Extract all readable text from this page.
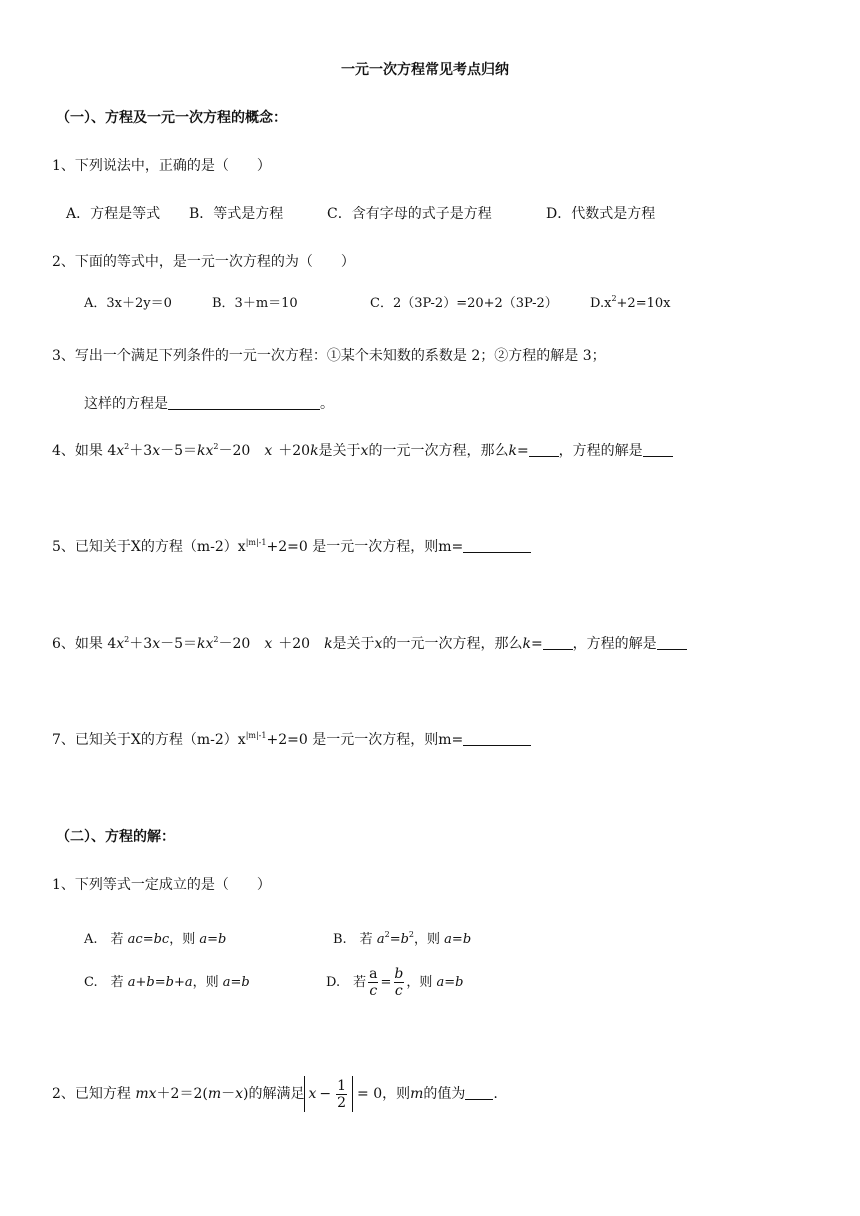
一元一次方程常见考点归纳
（一）、方程及一元一次方程的概念：
1、下列说法中，正确的是（　　）
A．方程是等式 B．等式是方程	C．含有字母的式子是方程	D．代数式是方程
2、下面的等式中，是一元一次方程的为（　　）
A．3x＋2y＝0	B．3＋m＝10	C．2（3P-2）=20+2（3P-2） $D.x^2+2=10x$
3、写出一个满足下列条件的一元一次方程：①某个未知数的系数是 2；②方程的解是 3；
这样的方程是	。
4、如果 $4x^2+3x-5=kx^2-20$　x ＋20k是关于x的一元一次方程，那么k= ，方程的解是
5、已知关于X的方程$(m-2)x^{|m|-1}+2=0$ 是一元一次方程，则m=
6、如果 $4x^2+3x-5=kx^2-20$　x ＋20　k是关于x的一元一次方程，那么k= ，方程的解是
7、已知关于X的方程$(m-2)x^{|m|-1}+2=0$ 是一元一次方程，则m=
（二）、方程的解：
1、下列等式一定成立的是（　　）
A.　若 ac=bc，则 a=b	B.　若 $a^2=b^2$，则 a=b
C.　若 a+b=b+a，则 a=b	D.　若 $\frac{a}{c} = \frac{b}{c}$ ，则 a=b
2、已知方程 mx＋2＝2(m－x)的解满足 $x - \frac{1}{2} = 0$，则m的值为 .
